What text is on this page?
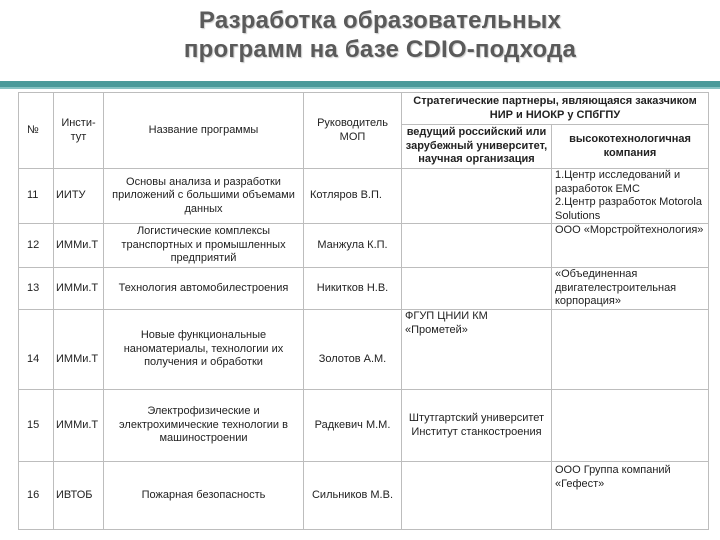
Разработка образовательных
программ на базе CDIO-подхода
№	Инсти-тут	Название программы	Руководитель МОП	Стратегические партнеры, являющаяся заказчиком НИР и НИОКР у СПбГПУ	
				ведущий российский или зарубежный университет, научная организация	высокотехнологичная компания
11	ИИТУ	Основы анализа и разработки приложений с большими объемами данных	Котляров В.П.		1.Центр исследований и разработок EMC
2.Центр разработок Motorola Solutions
12	ИММи.Т	Логистические комплексы транспортных и промышленных предприятий	Манжула К.П.		ООО «Морстройтехнология»
13	ИММи.Т	Технология автомобилестроения	Никитков Н.В.		«Объединенная двигателестроительная корпорация»
14	ИММи.Т	Новые функциональные наноматериалы, технологии их получения и обработки	Золотов А.М.	ФГУП ЦНИИ КМ «Прометей»	
15	ИММи.Т	Электрофизические и электрохимические технологии в машиностроении	Радкевич М.М.	Штутгартский университет Институт станкостроения	
16	ИВТОБ	Пожарная безопасность	Сильников М.В.		ООО Группа компаний «Гефест»
